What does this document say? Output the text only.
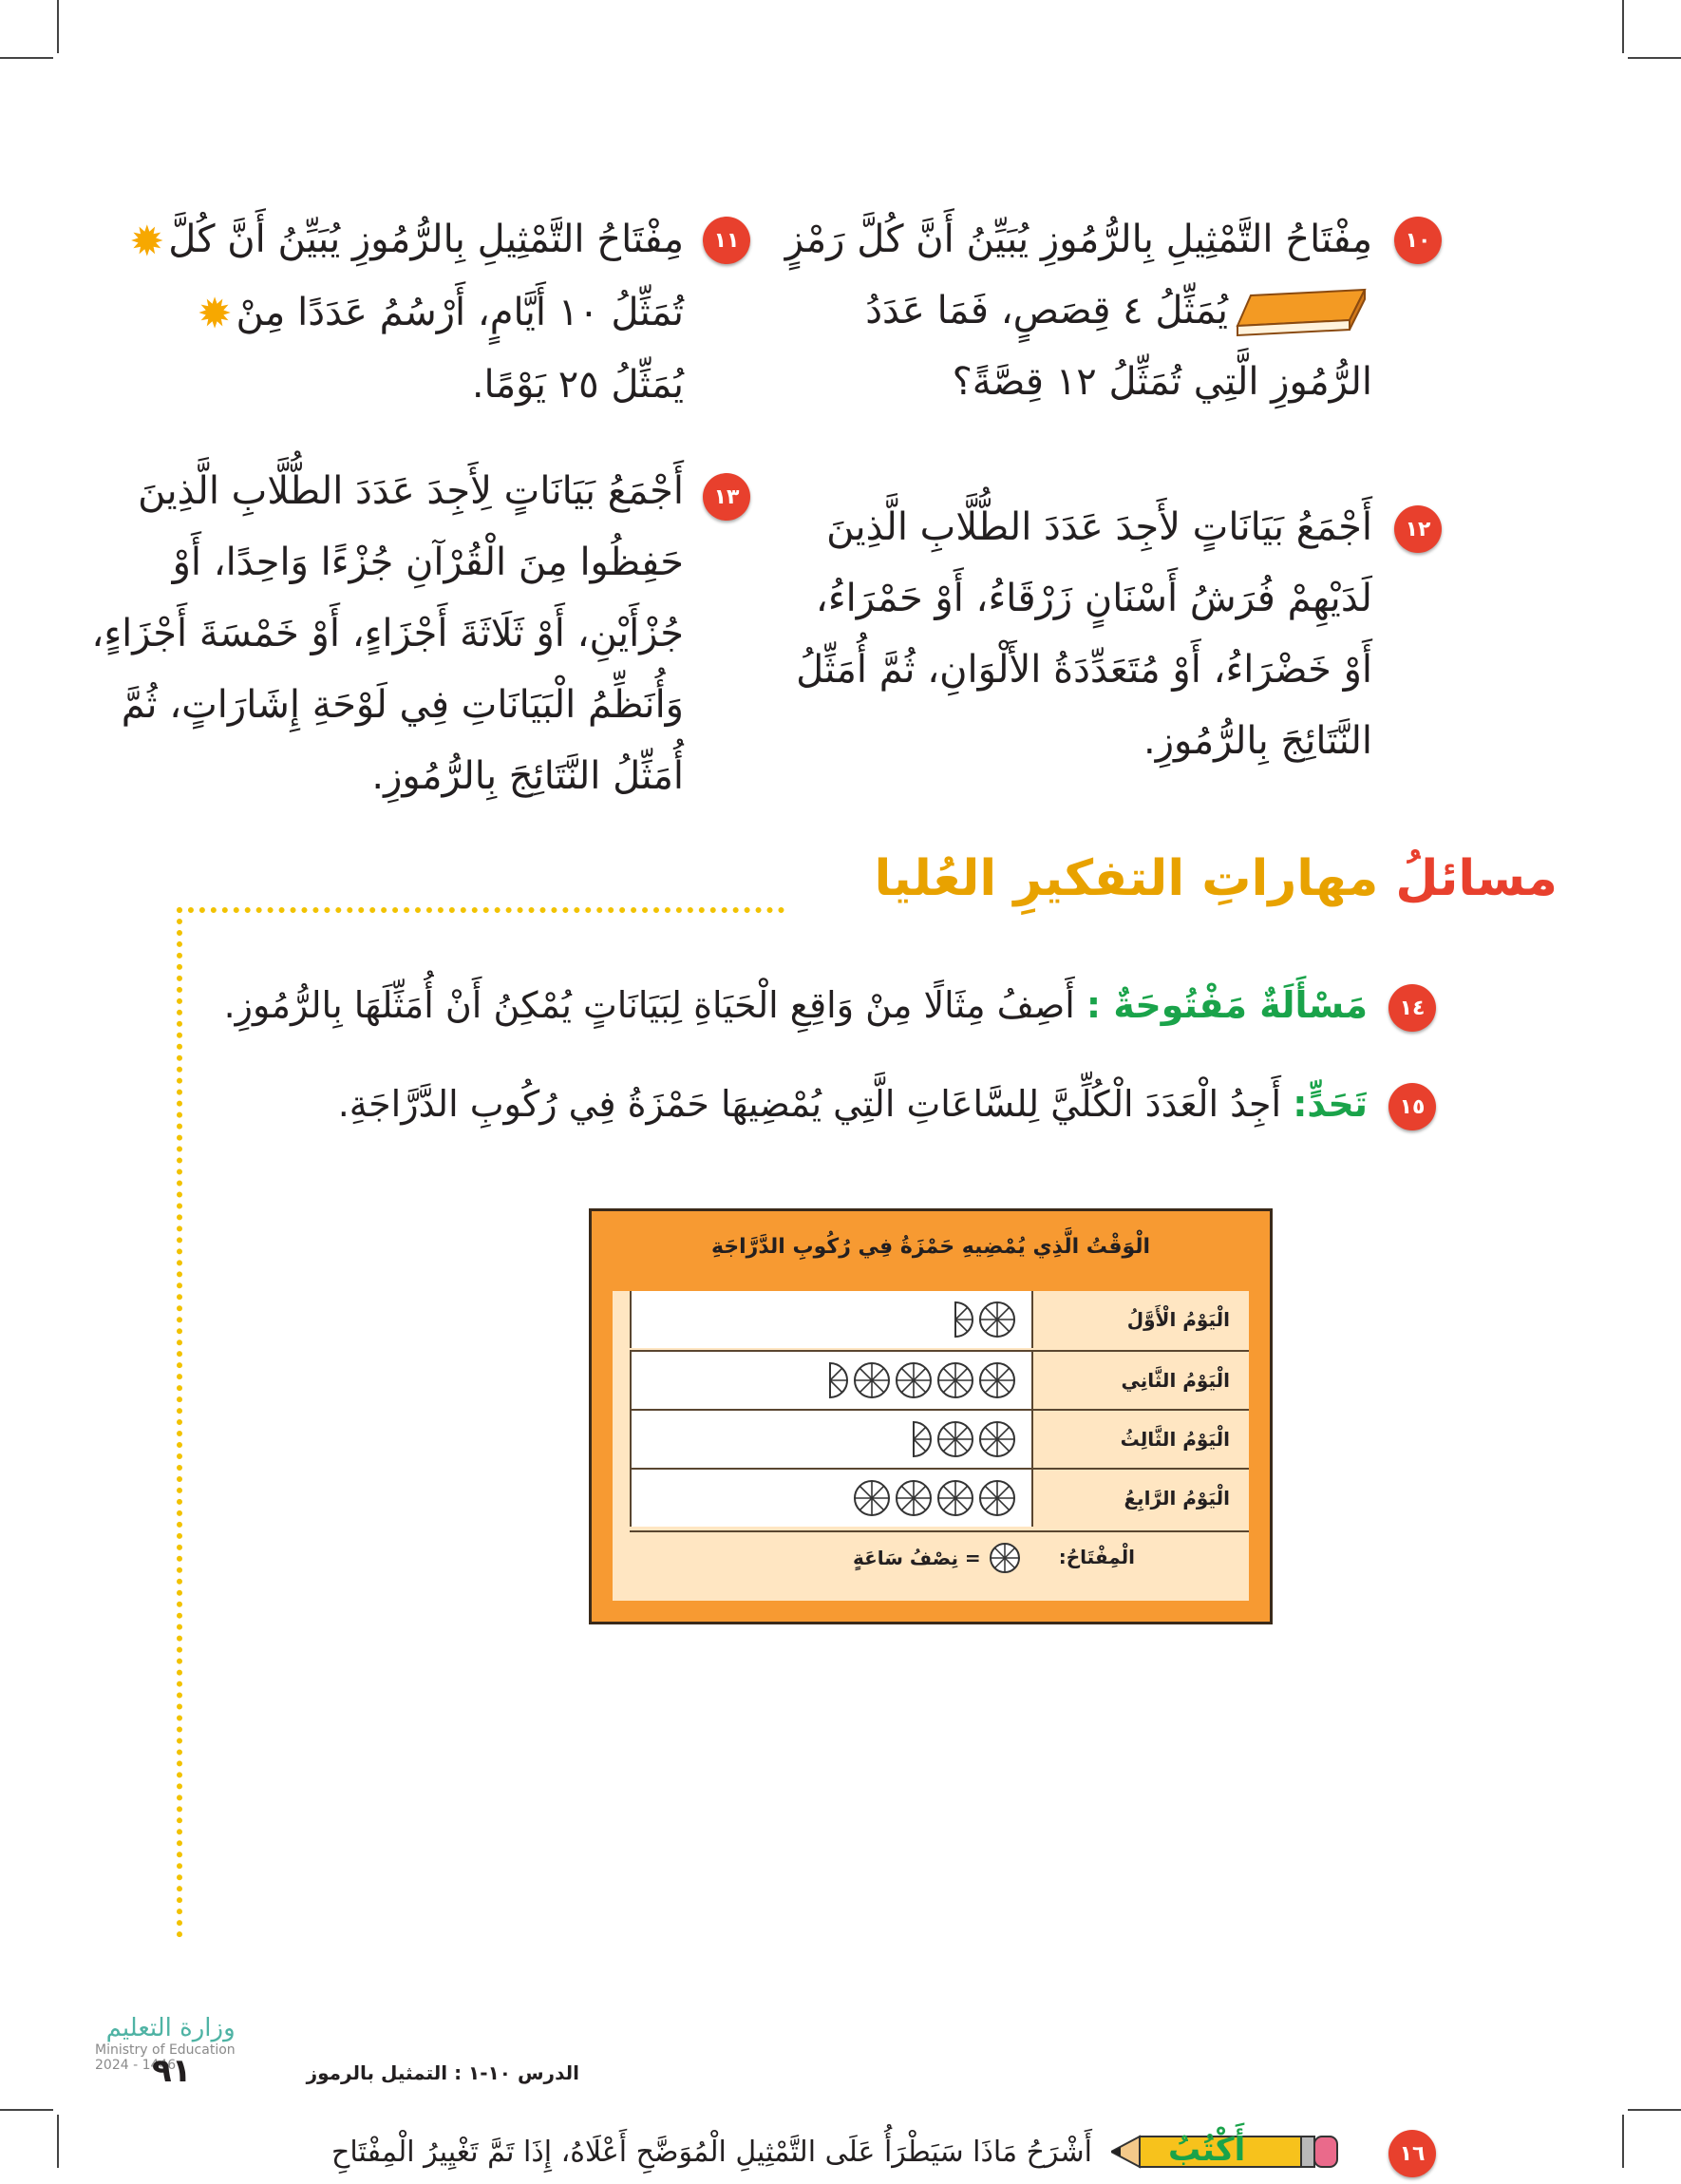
١٠
مِفْتَاحُ التَّمْثِيلِ بِالرُّمُوزِ يُبَيِّنُ أَنَّ كُلَّ رَمْزٍ
يُمَثِّلُ ٤ قِصَصٍ، فَمَا عَدَدُ
الرُّمُوزِ الَّتِي تُمَثِّلُ ١٢ قِصَّةً؟
١١
مِفْتَاحُ التَّمْثِيلِ بِالرُّمُوزِ يُبَيِّنُ أَنَّ كُلَّ✹
تُمَثِّلُ ١٠ أَيَّامٍ، أَرْسُمُ عَدَدًا مِنْ✹
يُمَثِّلُ ٢٥ يَوْمًا.
١٢
أَجْمَعُ بَيَانَاتٍ لأَجِدَ عَدَدَ الطُّلَّابِ الَّذِينَ
لَدَيْهِمْ فُرَشُ أَسْنَانٍ زَرْقَاءُ، أَوْ حَمْرَاءُ،
أَوْ خَضْرَاءُ، أَوْ مُتَعَدِّدَةُ الأَلْوَانِ، ثُمَّ أُمَثِّلُ
النَّتَائِجَ بِالرُّمُوزِ.
١٣
أَجْمَعُ بَيَانَاتٍ لِأَجِدَ عَدَدَ الطُّلَّابِ الَّذِينَ
حَفِظُوا مِنَ الْقُرْآنِ جُزْءًا وَاحِدًا، أَوْ
جُزْأَيْنِ، أَوْ ثَلَاثَةَ أَجْزَاءٍ، أَوْ خَمْسَةَ أَجْزَاءٍ،
وَأُنَظِّمُ الْبَيَانَاتِ فِي لَوْحَةِ إِشَارَاتٍ، ثُمَّ
أُمَثِّلُ النَّتَائِجَ بِالرُّمُوزِ.
مسائلُ مهاراتِ التفكيرِ العُليا
١٤
مَسْأَلَةٌ مَفْتُوحَةٌ : أَصِفُ مِثَالًا مِنْ وَاقِعِ الْحَيَاةِ لِبَيَانَاتٍ يُمْكِنُ أَنْ أُمَثِّلَهَا بِالرُّمُوزِ.
١٥
تَحَدٍّ: أَجِدُ الْعَدَدَ الْكُلِّيَّ لِلسَّاعَاتِ الَّتِي يُمْضِيهَا حَمْزَةُ فِي رُكُوبِ الدَّرَّاجَةِ.
الْوَقْتُ الَّذِي يُمْضِيهِ حَمْزَةُ فِي رُكُوبِ الدَّرَّاجَةِ
الْيَوْمُ الْأَوَّلُ
الْيَوْمُ الثَّانِي
الْيَوْمُ الثَّالِثُ
الْيَوْمُ الرَّابِعُ
الْمِفْتَاحُ:
= نِصْفُ سَاعَةٍ
١٦
أَكْتُبُ
أَشْرَحُ مَاذَا سَيَطْرَأُ عَلَى التَّمْثِيلِ الْمُوَضَّحِ أَعْلَاهُ، إِذَا تَمَّ تَغْيِيرُ الْمِفْتَاحِ
وزارة التعليم
Ministry of Education
2024 - 1446	الدرس ١٠-١ : التمثيل بالرموز
٩١
